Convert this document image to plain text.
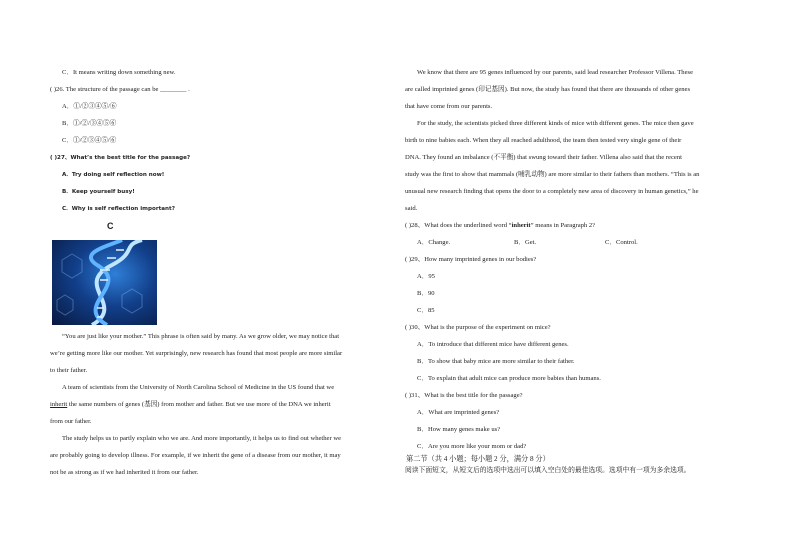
C．It means writing down something new.
( )26. The structure of the passage can be ________ .
A．①/②③④⑤/⑥
B．①/②/③④⑤⑥
C．①/②③④⑤/⑥
( )27、What’s the best title for the passage?
A．Try doing self reflection now!
B．Keep yourself busy!
C．Why is self reflection important?
C
“You are just like your mother.” This phrase is often said by many. As we grow older, we may notice that
we’re getting more like our mother. Yet surprisingly, new research has found that most people are more similar
to their father.
A team of scientists from the University of North Carolina School of Medicine in the US found that we
inherit the same numbers of genes (基因) from mother and father. But we use more of the DNA we inherit
from our father.
The study helps us to partly explain who we are. And more importantly, it helps us to find out whether we
are probably going to develop illness. For example, if we inherit the gene of a disease from our mother, it may
not be as strong as if we had inherited it from our father.
We know that there are 95 genes influenced by our parents, said lead researcher Professor Villena. These
are called imprinted genes (印记基因). But now, the study has found that there are thousands of other genes
that have come from our parents.
For the study, the scientists picked three different kinds of mice with different genes. The mice then gave
birth to nine babies each. When they all reached adulthood, the team then tested very single gene of their
DNA. They found an imbalance (不平衡) that swung toward their father. Villena also said that the recent
study was the first to show that mammals (哺乳动物) are more similar to their fathers than mothers. “This is an
unusual new research finding that opens the door to a completely new area of discovery in human genetics,” he
said.
( )28、What does the underlined word “inherit” means in Paragraph 2?
A．Change.	B．Get.	C．Control.
( )29、How many imprinted genes in our bodies?
A．95
B．90
C．85
( )30、What is the purpose of the experiment on mice?
A．To introduce that different mice have different genes.
B．To show that baby mice are more similar to their father.
C．To explain that adult mice can produce more babies than humans.
( )31、What is the best title for the passage?
A．What are imprinted genes?
B．How many genes make us?
C．Are you more like your mom or dad?
第二节（共 4 小题；每小题 2 分，满分 8 分）
阅读下面短文，从短文后的选项中选出可以填入空白处的最佳选项。选项中有一项为多余选项。
